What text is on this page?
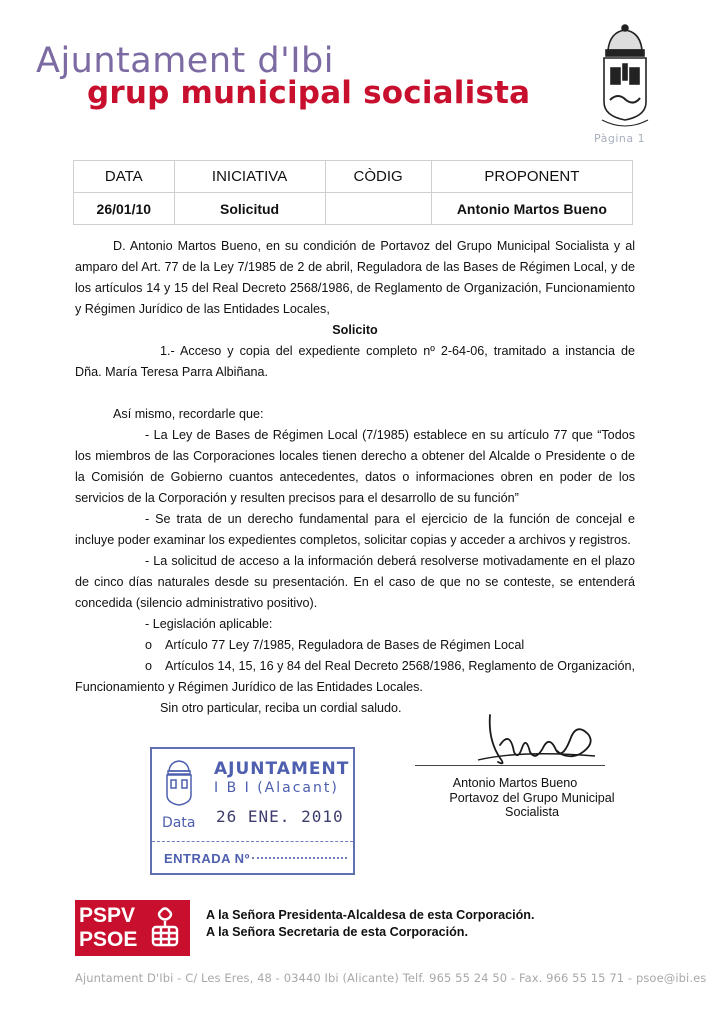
Ajuntament d'Ibi
grup municipal socialista
Pàgina 1
DATA	INICIATIVA	CÒDIG	PROPONENT
26/01/10	Solicitud		Antonio Martos Bueno

D. Antonio Martos Bueno, en su condición de Portavoz del Grupo Municipal Socialista y al amparo del Art. 77 de la Ley 7/1985 de 2 de abril, Reguladora de las Bases de Régimen Local, y de los artículos 14 y 15 del Real Decreto 2568/1986, de Reglamento de Organización, Funcionamiento y Régimen Jurídico de las Entidades Locales,

Solicito

1.- Acceso y copia del expediente completo nº 2-64-06, tramitado a instancia de Dña. María Teresa Parra Albiñana.

Así mismo, recordarle que:

- La Ley de Bases de Régimen Local (7/1985) establece en su artículo 77 que “Todos los miembros de las Corporaciones locales tienen derecho a obtener del Alcalde o Presidente o de la Comisión de Gobierno cuantos antecedentes, datos o informaciones obren en poder de los servicios de la Corporación y resulten precisos para el desarrollo de su función”

- Se trata de un derecho fundamental para el ejercicio de la función de concejal e incluye poder examinar los expedientes completos, solicitar copias y acceder a archivos y registros.

- La solicitud de acceso a la información deberá resolverse motivadamente en el plazo de cinco días naturales desde su presentación. En el caso de que no se conteste, se entenderá concedida (silencio administrativo positivo).

- Legislación aplicable:

o Artículo 77 Ley 7/1985, Reguladora de Bases de Régimen Local

o Artículos 14, 15, 16 y 84 del Real Decreto 2568/1986, Reglamento de Organización, Funcionamiento y Régimen Jurídico de las Entidades Locales.

Sin otro particular, reciba un cordial saludo.

Antonio Martos Bueno
Portavoz del Grupo Municipal Socialista
AJUNTAMENT
I B I (Alacant)
Data 26 ENE. 2010
ENTRADA Nº
PSPV
PSOE
A la Señora Presidenta-Alcaldesa de esta Corporación.
A la Señora Secretaria de esta Corporación.
Ajuntament D'Ibi - C/ Les Eres, 48 - 03440 Ibi (Alicante) Telf. 965 55 24 50 - Fax. 966 55 15 71 - psoe@ibi.es
